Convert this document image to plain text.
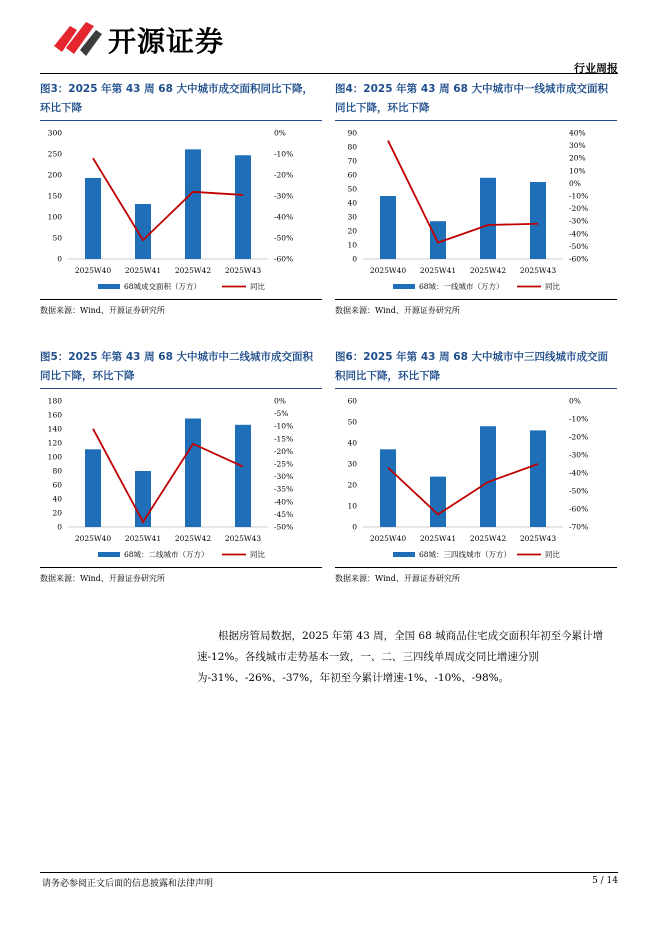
开源证券
行业周报
图3：2025 年第 43 周 68 大中城市成交面积同比下降，环比下降
0
50
100
150
200
250
300	0%
-10%
-20%
-30%
-40%
-50%
-60%
2025W40 2025W41 2025W42 2025W43
68城成交面积（万方）	同比
数据来源：Wind、开源证券研究所
图4：2025 年第 43 周 68 大中城市中一线城市成交面积同比下降，环比下降
0
10
20
30
40
50
60
70
80
90	40%
30%
20%
10%
0%
-10%
-20%
-30%
-40%
-50%
-60%
2025W40 2025W41 2025W42 2025W43
68城：一线城市（万方）	同比
数据来源：Wind、开源证券研究所
图5：2025 年第 43 周 68 大中城市中二线城市成交面积同比下降，环比下降
0
20
40
60
80
100
120
140
160
180	0%
-5%
-10%
-15%
-20%
-25%
-30%
-35%
-40%
-45%
-50%
2025W40 2025W41 2025W42 2025W43
68城：二线城市（万方）	同比
数据来源：Wind、开源证券研究所
图6：2025 年第 43 周 68 大中城市中三四线城市成交面积同比下降，环比下降
0
10
20
30
40
50
60	0%
-10%
-20%
-30%
-40%
-50%
-60%
-70%
2025W40 2025W41 2025W42 2025W43
68城：三四线城市（万方）	同比
数据来源：Wind、开源证券研究所
根据房管局数据，2025 年第 43 周，全国 68 城商品住宅成交面积年初至今累计增速-12%。各线城市走势基本一致，一、二、三四线单周成交同比增速分别为-31%、-26%、-37%，年初至今累计增速-1%、-10%、-98%。
请务必参阅正文后面的信息披露和法律声明	5 / 14
